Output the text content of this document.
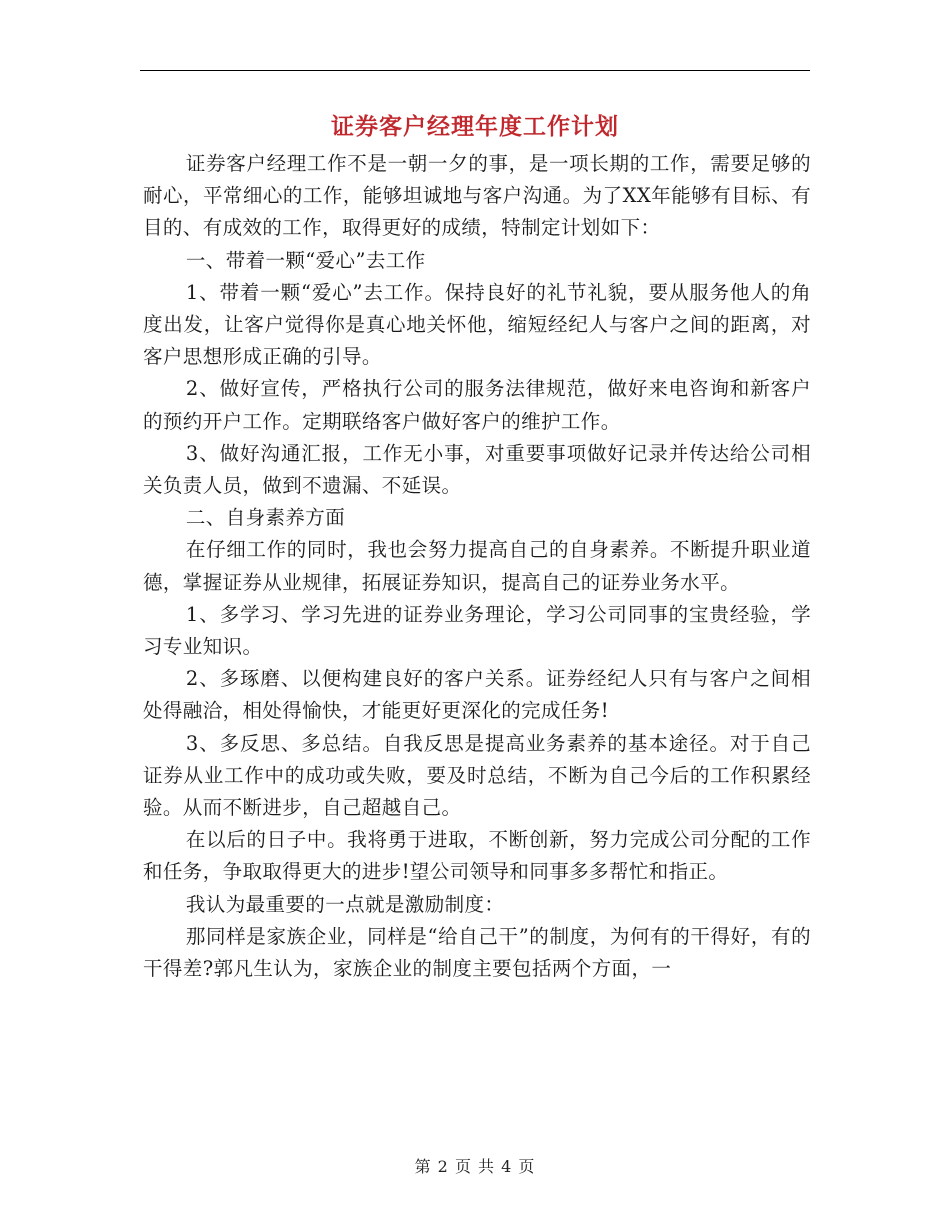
证券客户经理年度工作计划

证券客户经理工作不是一朝一夕的事，是一项长期的工作，需要足够的耐心，平常细心的工作，能够坦诚地与客户沟通。为了XX年能够有目标、有目的、有成效的工作，取得更好的成绩，特制定计划如下：

一、带着一颗“爱心”去工作

1、带着一颗“爱心”去工作。保持良好的礼节礼貌，要从服务他人的角度出发，让客户觉得你是真心地关怀他，缩短经纪人与客户之间的距离，对客户思想形成正确的引导。

2、做好宣传，严格执行公司的服务法律规范，做好来电咨询和新客户的预约开户工作。定期联络客户做好客户的维护工作。

3、做好沟通汇报，工作无小事，对重要事项做好记录并传达给公司相关负责人员，做到不遗漏、不延误。

二、自身素养方面

在仔细工作的同时，我也会努力提高自己的自身素养。不断提升职业道德，掌握证券从业规律，拓展证券知识，提高自己的证券业务水平。

1、多学习、学习先进的证券业务理论，学习公司同事的宝贵经验，学习专业知识。

2、多琢磨、以便构建良好的客户关系。证券经纪人只有与客户之间相处得融洽，相处得愉快，才能更好更深化的完成任务!

3、多反思、多总结。自我反思是提高业务素养的基本途径。对于自己证券从业工作中的成功或失败，要及时总结，不断为自己今后的工作积累经验。从而不断进步，自己超越自己。

在以后的日子中。我将勇于进取，不断创新，努力完成公司分配的工作和任务，争取取得更大的进步!望公司领导和同事多多帮忙和指正。

我认为最重要的一点就是激励制度：

那同样是家族企业，同样是“给自己干”的制度，为何有的干得好，有的干得差?郭凡生认为，家族企业的制度主要包括两个方面，一

第 2 页 共 4 页
